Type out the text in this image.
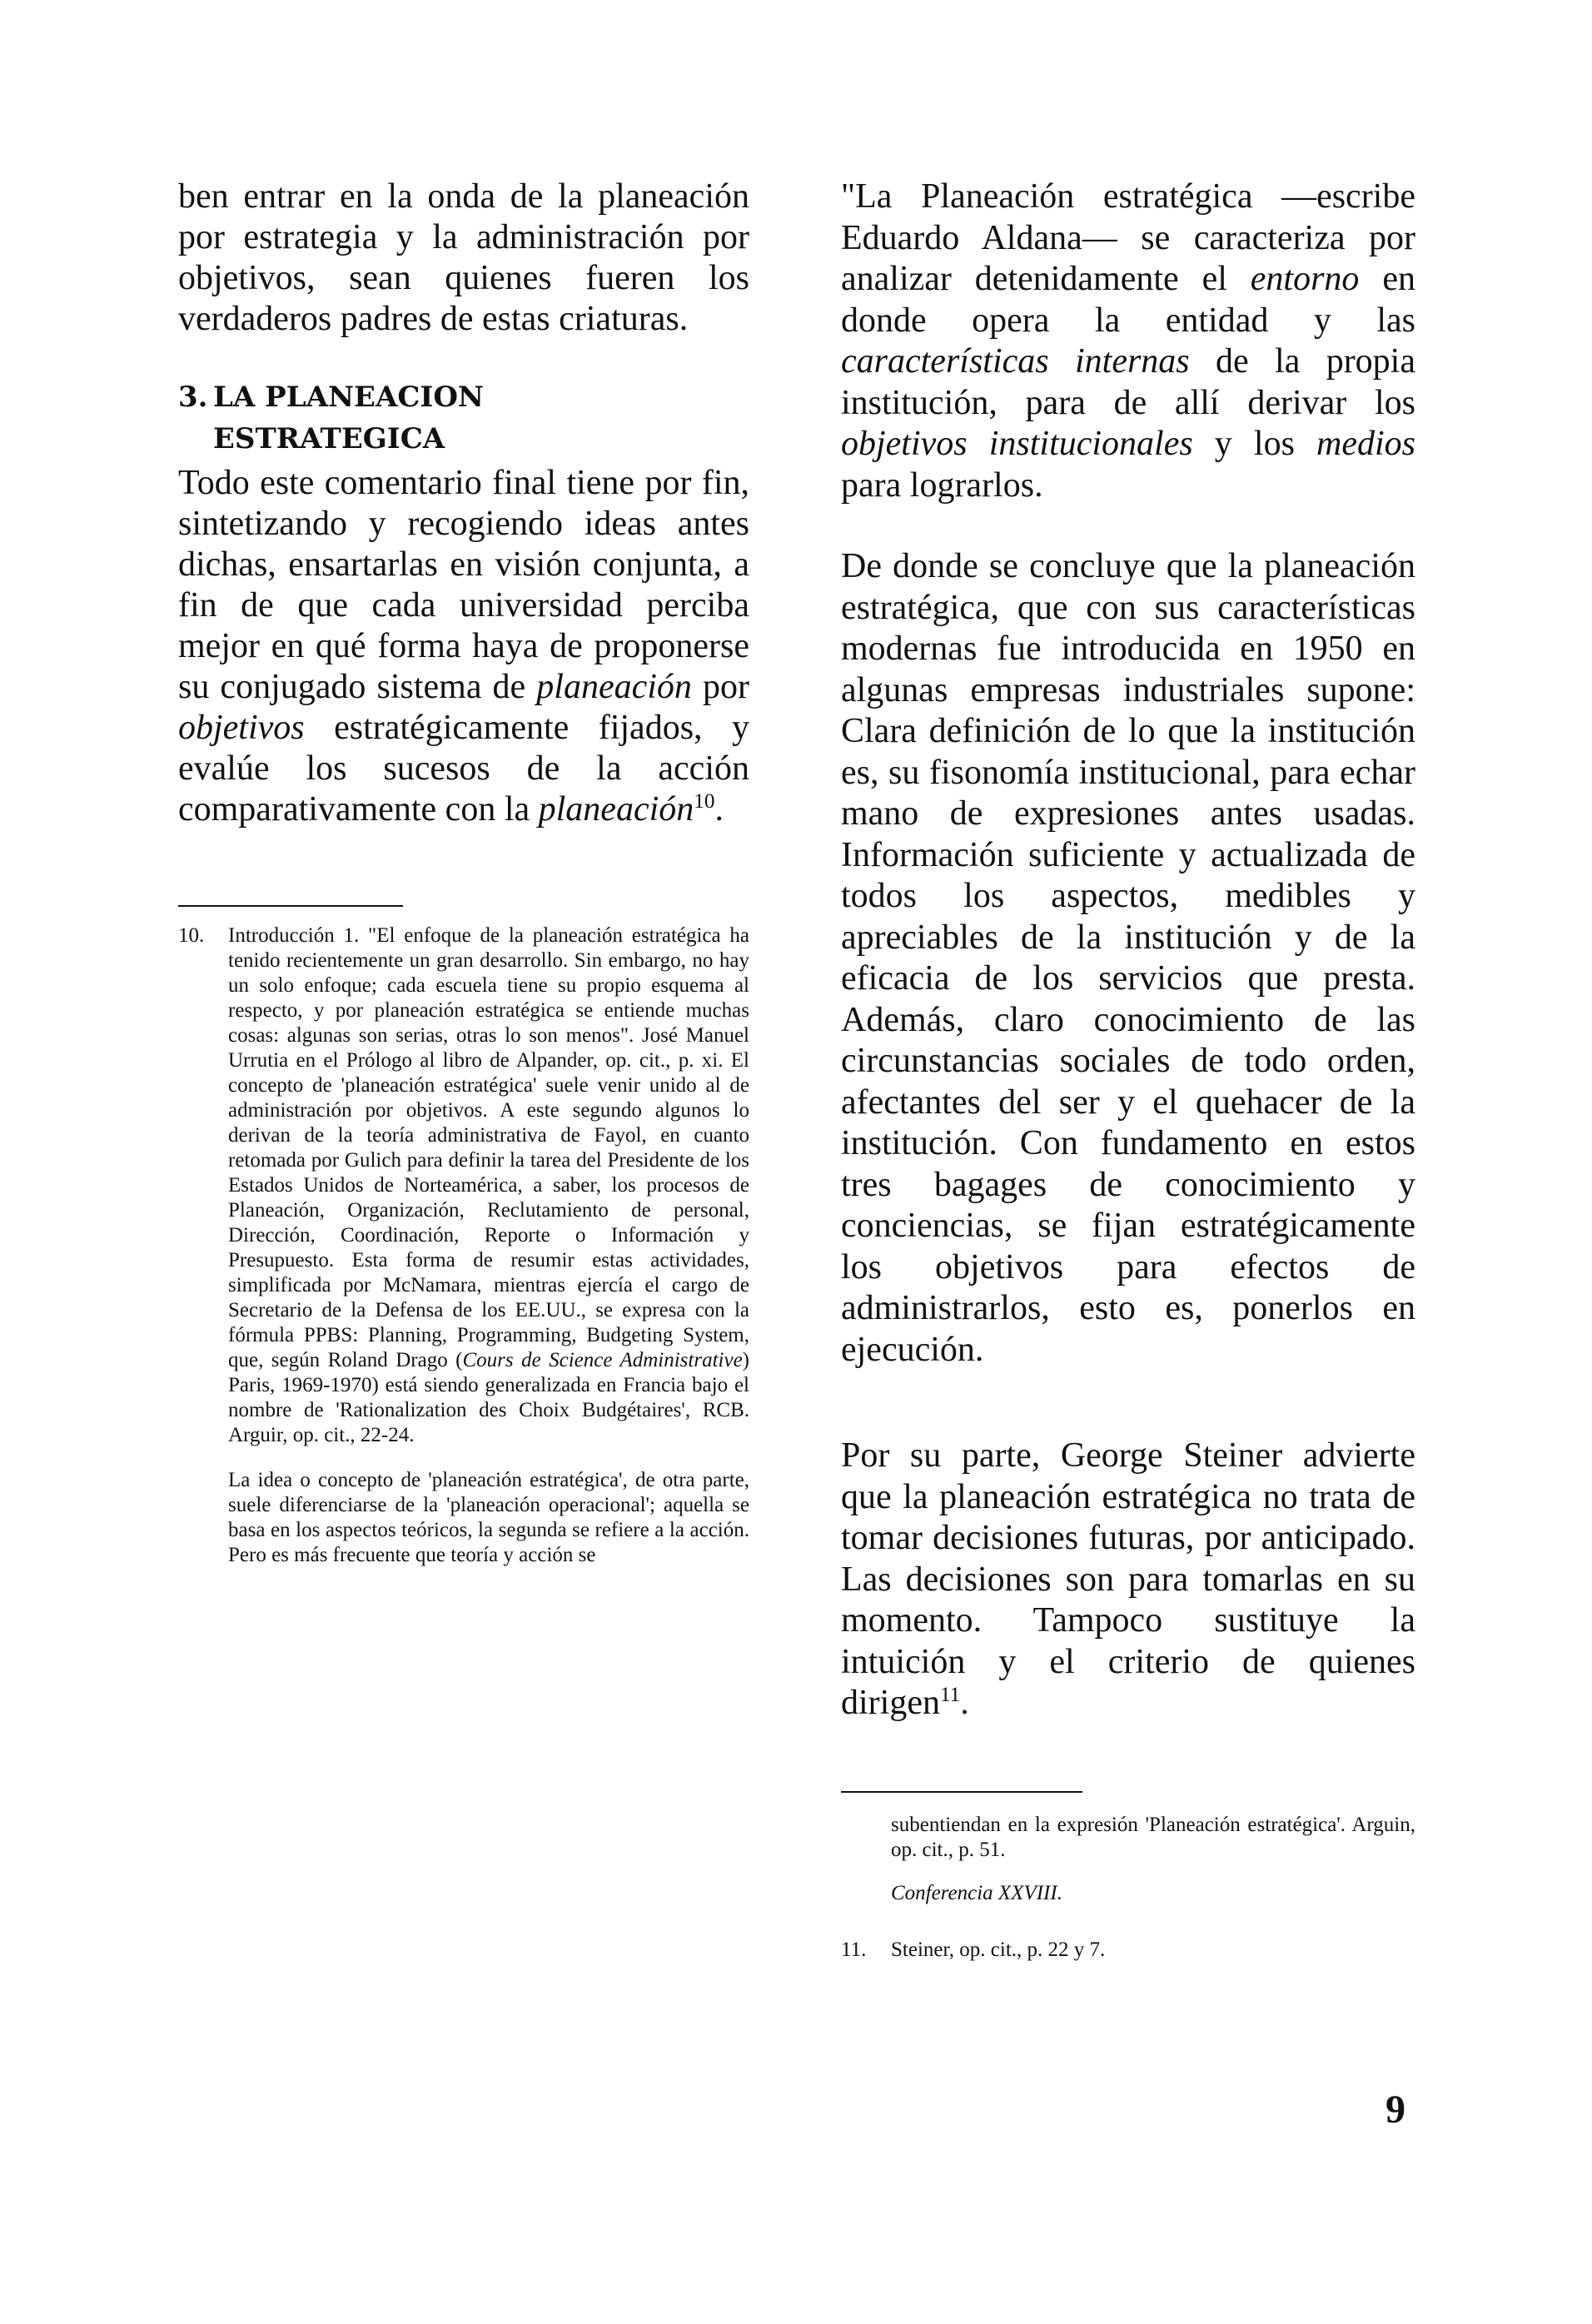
ben entrar en la onda de la planeación por estrategia y la administración por objetivos, sean quienes fueren los verdaderos padres de estas criaturas.

3. LA PLANEACION
ESTRATEGICA

Todo este comentario final tiene por fin, sintetizando y recogiendo ideas antes dichas, ensartarlas en visión conjunta, a fin de que cada universidad perciba mejor en qué forma haya de proponerse su conjugado sistema de planeación por objetivos estratégicamente fijados, y evalúe los sucesos de la acción comparativamente con la planeación$^{10}$.

10. Introducción 1. "El enfoque de la planeación estratégica ha tenido recientemente un gran desarrollo. Sin embargo, no hay un solo enfoque; cada escuela tiene su propio esquema al respecto, y por planeación estratégica se entiende muchas cosas: algunas son serias, otras lo son menos". José Manuel Urrutia en el Prólogo al libro de Alpander, op. cit., p. xi. El concepto de 'planeación estratégica' suele venir unido al de administración por objetivos. A este segundo algunos lo derivan de la teoría administrativa de Fayol, en cuanto retomada por Gulich para definir la tarea del Presidente de los Estados Unidos de Norteamérica, a saber, los procesos de Planeación, Organización, Reclutamiento de personal, Dirección, Coordinación, Reporte o Información y Presupuesto. Esta forma de resumir estas actividades, simplificada por McNamara, mientras ejercía el cargo de Secretario de la Defensa de los EE.UU., se expresa con la fórmula PPBS: Planning, Programming, Budgeting System, que, según Roland Drago (Cours de Science Administrative) Paris, 1969-1970) está siendo generalizada en Francia bajo el nombre de 'Rationalization des Choix Budgétaires', RCB. Arguir, op. cit., 22-24.

La idea o concepto de 'planeación estratégica', de otra parte, suele diferenciarse de la 'planeación operacional'; aquella se basa en los aspectos teóricos, la segunda se refiere a la acción. Pero es más frecuente que teoría y acción se

"La Planeación estratégica —escribe Eduardo Aldana— se caracteriza por analizar detenidamente el entorno en donde opera la entidad y las características internas de la propia institución, para de allí derivar los objetivos institucionales y los medios para lograrlos.

De donde se concluye que la planeación estratégica, que con sus características modernas fue introducida en 1950 en algunas empresas industriales supone: Clara definición de lo que la institución es, su fisonomía institucional, para echar mano de expresiones antes usadas. Información suficiente y actualizada de todos los aspectos, medibles y apreciables de la institución y de la eficacia de los servicios que presta. Además, claro conocimiento de las circunstancias sociales de todo orden, afectantes del ser y el quehacer de la institución. Con fundamento en estos tres bagages de conocimiento y conciencias, se fijan estratégicamente los objetivos para efectos de administrarlos, esto es, ponerlos en ejecución.

Por su parte, George Steiner advierte que la planeación estratégica no trata de tomar decisiones futuras, por anticipado. Las decisiones son para tomarlas en su momento. Tampoco sustituye la intuición y el criterio de quienes dirigen$^{11}$.

subentiendan en la expresión 'Planeación estratégica'. Arguin, op. cit., p. 51.

Conferencia XXVIII.

11. Steiner, op. cit., p. 22 y 7.

9
